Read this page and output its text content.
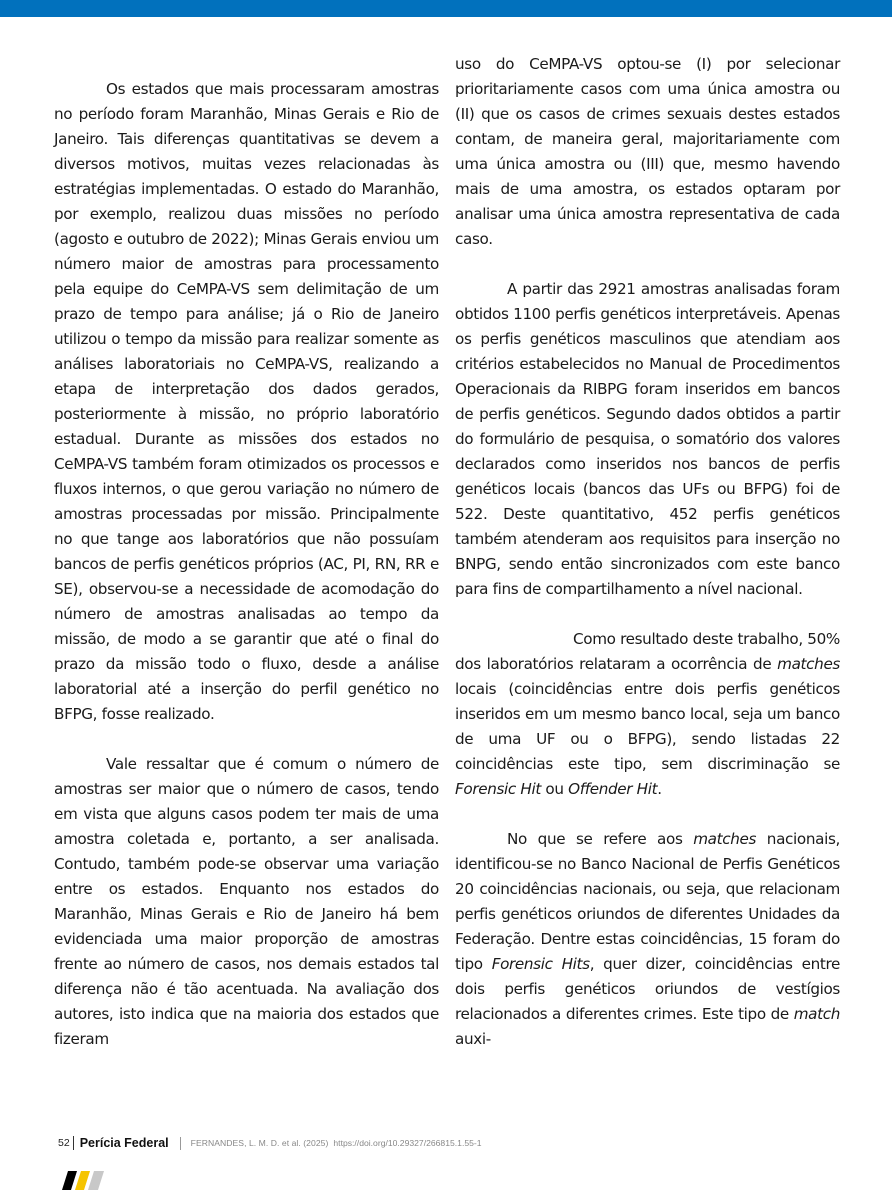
Os estados que mais processaram amostras no período foram Maranhão, Minas Gerais e Rio de Janeiro. Tais diferenças quantitativas se devem a diversos motivos, muitas vezes relacionadas às estratégias implementadas. O estado do Maranhão, por exemplo, realizou duas missões no período (agosto e outubro de 2022); Minas Gerais enviou um número maior de amostras para processamento pela equipe do CeMPA-VS sem delimitação de um prazo de tempo para análise; já o Rio de Janeiro utilizou o tempo da missão para realizar somente as análises laboratoriais no CeMPA-VS, realizando a etapa de interpretação dos dados gerados, posteriormente à missão, no próprio laboratório estadual. Durante as missões dos estados no CeMPA-VS também foram otimizados os processos e fluxos internos, o que gerou variação no número de amostras processadas por missão. Principalmente no que tange aos laboratórios que não possuíam bancos de perfis genéticos próprios (AC, PI, RN, RR e SE), observou-se a necessidade de acomodação do número de amostras analisadas ao tempo da missão, de modo a se garantir que até o final do prazo da missão todo o fluxo, desde a análise laboratorial até a inserção do perfil genético no BFPG, fosse realizado.

Vale ressaltar que é comum o número de amostras ser maior que o número de casos, tendo em vista que alguns casos podem ter mais de uma amostra coletada e, portanto, a ser analisada. Contudo, também pode-se observar uma variação entre os estados. Enquanto nos estados do Maranhão, Minas Gerais e Rio de Janeiro há bem evidenciada uma maior proporção de amostras frente ao número de casos, nos demais estados tal diferença não é tão acentuada. Na avaliação dos autores, isto indica que na maioria dos estados que fizeram

uso do CeMPA-VS optou-se (I) por selecionar prioritariamente casos com uma única amostra ou (II) que os casos de crimes sexuais destes estados contam, de maneira geral, majoritariamente com uma única amostra ou (III) que, mesmo havendo mais de uma amostra, os estados optaram por analisar uma única amostra representativa de cada caso.

A partir das 2921 amostras analisadas foram obtidos 1100 perfis genéticos interpretáveis. Apenas os perfis genéticos masculinos que atendiam aos critérios estabelecidos no Manual de Procedimentos Operacionais da RIBPG foram inseridos em bancos de perfis genéticos. Segundo dados obtidos a partir do formulário de pesquisa, o somatório dos valores declarados como inseridos nos bancos de perfis genéticos locais (bancos das UFs ou BFPG) foi de 522. Deste quantitativo, 452 perfis genéticos também atenderam aos requisitos para inserção no BNPG, sendo então sincronizados com este banco para fins de compartilhamento a nível nacional.

Como resultado deste trabalho, 50% dos laboratórios relataram a ocorrência de matches locais (coincidências entre dois perfis genéticos inseridos em um mesmo banco local, seja um banco de uma UF ou o BFPG), sendo listadas 22 coincidências este tipo, sem discriminação se Forensic Hit ou Offender Hit.

No que se refere aos matches nacionais, identificou-se no Banco Nacional de Perfis Genéticos 20 coincidências nacionais, ou seja, que relacionam perfis genéticos oriundos de diferentes Unidades da Federação. Dentre estas coincidências, 15 foram do tipo Forensic Hits, quer dizer, coincidências entre dois perfis genéticos oriundos de vestígios relacionados a diferentes crimes. Este tipo de match auxi-

52 Perícia Federal	FERNANDES, L. M. D. et al. (2025) https://doi.org/10.29327/266815.1.55-1
